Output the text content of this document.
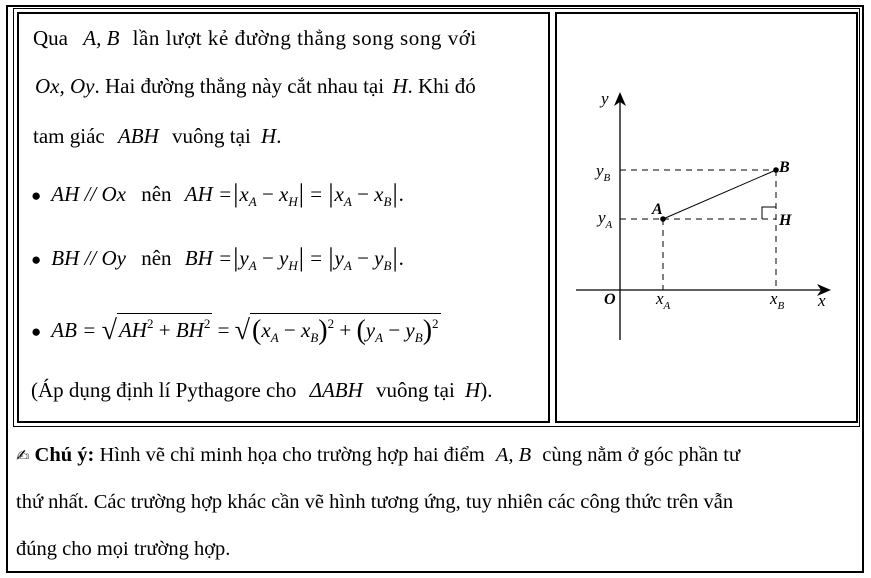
Qua A, B lần lượt kẻ đường thẳng song song với
Ox, Oy. Hai đường thẳng này cắt nhau tại H. Khi đó
tam giác ABH vuông tại H.
● AH // Ox nên AH $=|x_A - x_H| = |x_A - x_B|$.
● BH // Oy nên BH $=|y_A - y_H| = |y_A - y_B|$.
● AB = $√AH^2 + BH^2 = √(x_A - x_B)^2 + (y_A - y_B)^2$
(Áp dụng định lí Pythagore cho ΔABH vuông tại H).
O	x
y
A
B
H
$y_B$
$y_A$
$x_A$	$x_B$
✍ Chú ý: Hình vẽ chỉ minh họa cho trường hợp hai điểm A, B cùng nằm ở góc phần tư
thứ nhất. Các trường hợp khác cần vẽ hình tương ứng, tuy nhiên các công thức trên vẫn
đúng cho mọi trường hợp.
